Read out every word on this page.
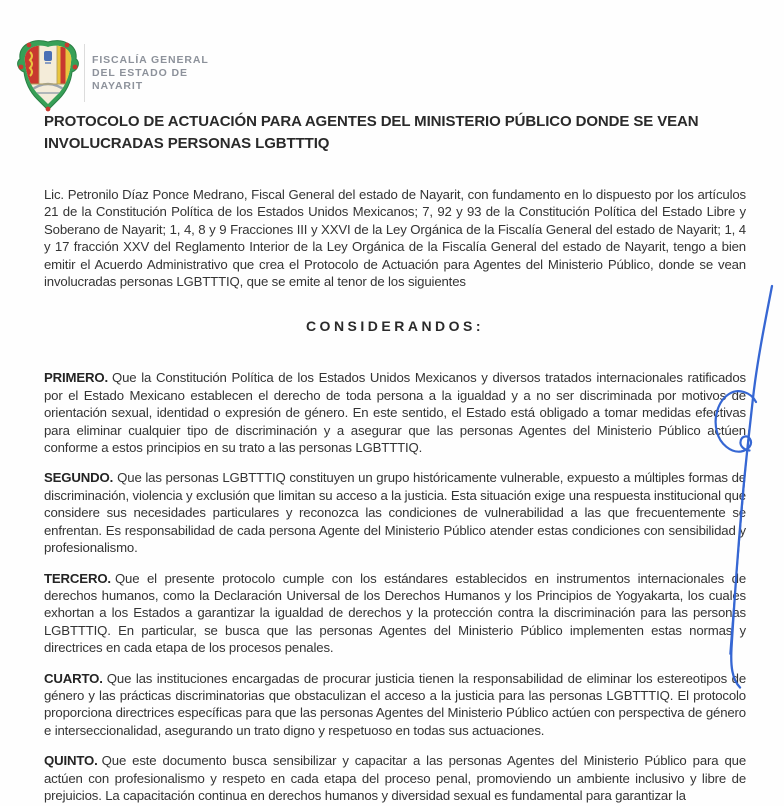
FISCALÍA GENERAL
DEL ESTADO DE
NAYARIT
PROTOCOLO DE ACTUACIÓN PARA AGENTES DEL MINISTERIO PÚBLICO DONDE SE VEAN INVOLUCRADAS PERSONAS LGBTTTIQ

Lic. Petronilo Díaz Ponce Medrano, Fiscal General del estado de Nayarit, con fundamento en lo dispuesto por los artículos 21 de la Constitución Política de los Estados Unidos Mexicanos; 7, 92 y 93 de la Constitución Política del Estado Libre y Soberano de Nayarit; 1, 4, 8 y 9 Fracciones III y XXVI de la Ley Orgánica de la Fiscalía General del estado de Nayarit; 1, 4 y 17 fracción XXV del Reglamento Interior de la Ley Orgánica de la Fiscalía General del estado de Nayarit, tengo a bien emitir el Acuerdo Administrativo que crea el Protocolo de Actuación para Agentes del Ministerio Público, donde se vean involucradas personas LGBTTTIQ, que se emite al tenor de los siguientes

CONSIDERANDOS:

PRIMERO. Que la Constitución Política de los Estados Unidos Mexicanos y diversos tratados internacionales ratificados por el Estado Mexicano establecen el derecho de toda persona a la igualdad y a no ser discriminada por motivos de orientación sexual, identidad o expresión de género. En este sentido, el Estado está obligado a tomar medidas efectivas para eliminar cualquier tipo de discriminación y a asegurar que las personas Agentes del Ministerio Público actúen conforme a estos principios en su trato a las personas LGBTTTIQ.

SEGUNDO. Que las personas LGBTTTIQ constituyen un grupo históricamente vulnerable, expuesto a múltiples formas de discriminación, violencia y exclusión que limitan su acceso a la justicia. Esta situación exige una respuesta institucional que considere sus necesidades particulares y reconozca las condiciones de vulnerabilidad a las que frecuentemente se enfrentan. Es responsabilidad de cada persona Agente del Ministerio Público atender estas condiciones con sensibilidad y profesionalismo.

TERCERO. Que el presente protocolo cumple con los estándares establecidos en instrumentos internacionales de derechos humanos, como la Declaración Universal de los Derechos Humanos y los Principios de Yogyakarta, los cuales exhortan a los Estados a garantizar la igualdad de derechos y la protección contra la discriminación para las personas LGBTTTIQ. En particular, se busca que las personas Agentes del Ministerio Público implementen estas normas y directrices en cada etapa de los procesos penales.

CUARTO. Que las instituciones encargadas de procurar justicia tienen la responsabilidad de eliminar los estereotipos de género y las prácticas discriminatorias que obstaculizan el acceso a la justicia para las personas LGBTTTIQ. El protocolo proporciona directrices específicas para que las personas Agentes del Ministerio Público actúen con perspectiva de género e interseccionalidad, asegurando un trato digno y respetuoso en todas sus actuaciones.

QUINTO. Que este documento busca sensibilizar y capacitar a las personas Agentes del Ministerio Público para que actúen con profesionalismo y respeto en cada etapa del proceso penal, promoviendo un ambiente inclusivo y libre de prejuicios. La capacitación continua en derechos humanos y diversidad sexual es fundamental para garantizar la
